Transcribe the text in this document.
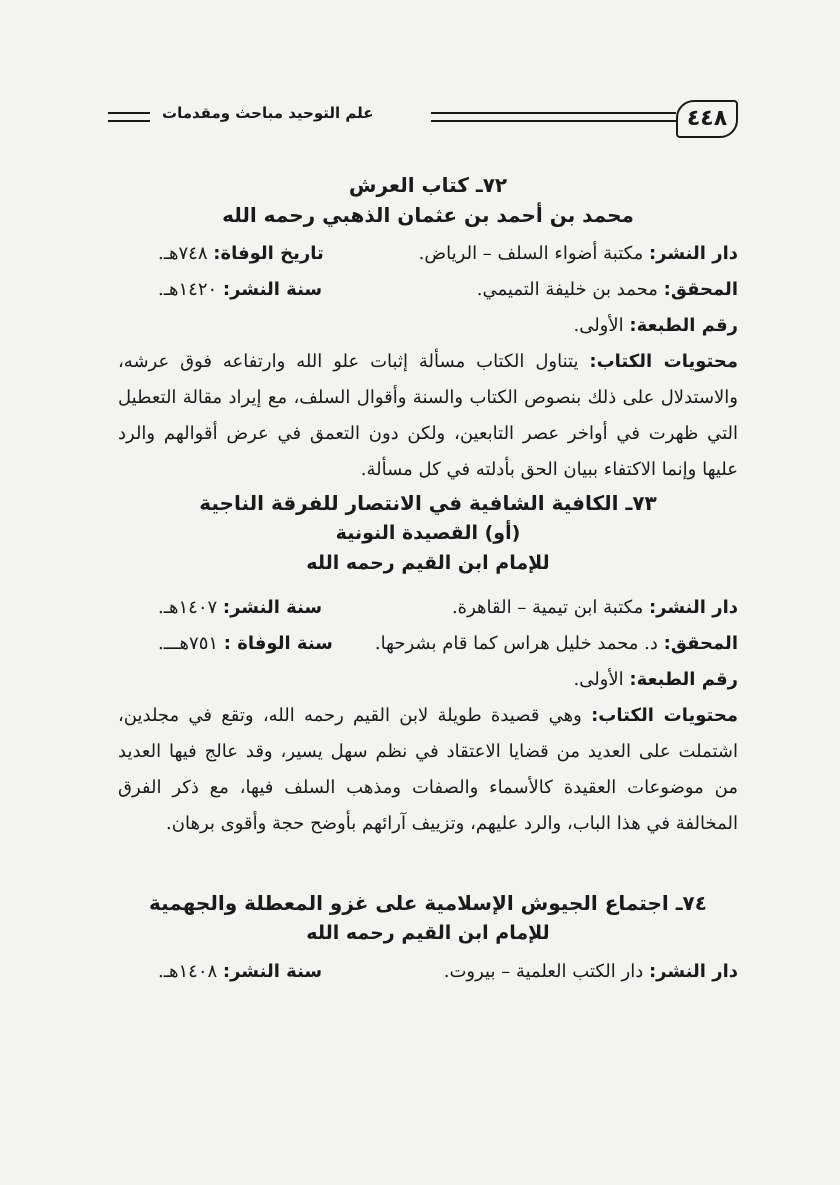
٤٤٨
علم التوحيد مباحث ومقدمات
٧٢ـ كتاب العرش
محمد بن أحمد بن عثمان الذهبي رحمه الله
دار النشر: مكتبة أضواء السلف – الرياض.
تاريخ الوفاة: ٧٤٨هـ.
المحقق: محمد بن خليفة التميمي.
سنة النشر: ١٤٢٠هـ.
رقم الطبعة: الأولى.
محتويات الكتاب: يتناول الكتاب مسألة إثبات علو الله وارتفاعه فوق عرشه، والاستدلال على ذلك بنصوص الكتاب والسنة وأقوال السلف، مع إيراد مقالة التعطيل التي ظهرت في أواخر عصر التابعين، ولكن دون التعمق في عرض أقوالهم والرد عليها وإنما الاكتفاء ببيان الحق بأدلته في كل مسألة.
٧٣ـ الكافية الشافية في الانتصار للفرقة الناجية
(أو) القصيدة النونية
للإمام ابن القيم رحمه الله
دار النشر: مكتبة ابن تيمية – القاهرة.
سنة النشر: ١٤٠٧هـ.
المحقق: د. محمد خليل هراس كما قام بشرحها.
سنة الوفاة : ٧٥١هـــ.
رقم الطبعة: الأولى.
محتويات الكتاب: وهي قصيدة طويلة لابن القيم رحمه الله، وتقع في مجلدين، اشتملت على العديد من قضايا الاعتقاد في نظم سهل يسير، وقد عالج فيها العديد من موضوعات العقيدة كالأسماء والصفات ومذهب السلف فيها، مع ذكر الفرق المخالفة في هذا الباب، والرد عليهم، وتزييف آرائهم بأوضح حجة وأقوى برهان.
٧٤ـ اجتماع الجيوش الإسلامية على غزو المعطلة والجهمية
للإمام ابن القيم رحمه الله
دار النشر: دار الكتب العلمية – بيروت.
سنة النشر: ١٤٠٨هـ.
